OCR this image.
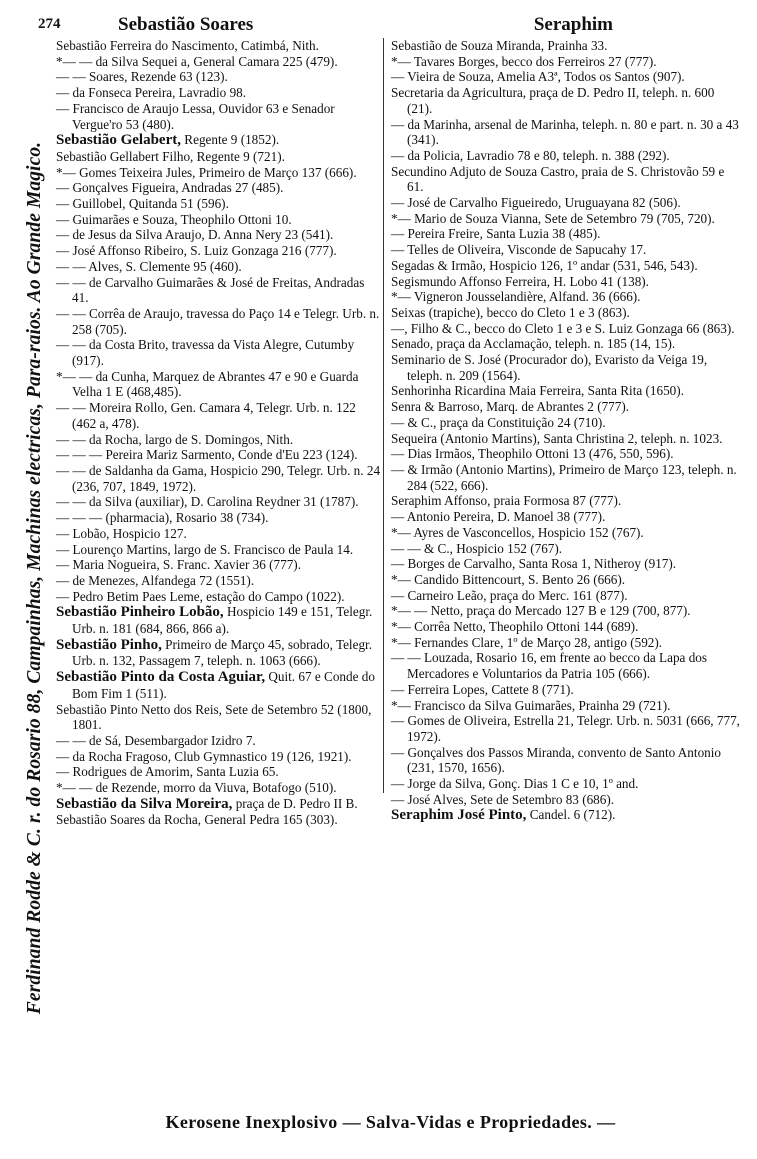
274	Sebastião Soares	Seraphim
Ferdinand Rodde & C. r. do Rosario 88, Campainhas, Machinas electricas, Para-raios. Ao Grande Magico.
Sebastião Ferreira do Nascimento, Catimbá, Nith.
*— — da Silva Sequei a, General Camara 225 (479).
— — Soares, Rezende 63 (123).
— da Fonseca Pereira, Lavradio 98.
— Francisco de Araujo Lessa, Ouvidor 63 e Senador Vergue'ro 53 (480).
Sebastião Gelabert, Regente 9 (1852).
Sebastião Gellabert Filho, Regente 9 (721).
*— Gomes Teixeira Jules, Primeiro de Março 137 (666).
— Gonçalves Figueira, Andradas 27 (485).
— Guillobel, Quitanda 51 (596).
— Guimarães e Souza, Theophilo Ottoni 10.
— de Jesus da Silva Araujo, D. Anna Nery 23 (541).
— José Affonso Ribeiro, S. Luiz Gonzaga 216 (777).
— — Alves, S. Clemente 95 (460).
— — de Carvalho Guimarães & José de Freitas, Andradas 41.
— — Corrêa de Araujo, travessa do Paço 14 e Telegr. Urb. n. 258 (705).
— — da Costa Brito, travessa da Vista Alegre, Cutumby (917).
*— — da Cunha, Marquez de Abrantes 47 e 90 e Guarda Velha 1 E (468,485).
— — Moreira Rollo, Gen. Camara 4, Telegr. Urb. n. 122 (462 a, 478).
— — da Rocha, largo de S. Domingos, Nith.
— — — Pereira Mariz Sarmento, Conde d'Eu 223 (124).
— — de Saldanha da Gama, Hospicio 290, Telegr. Urb. n. 24 (236, 707, 1849, 1972).
— — da Silva (auxiliar), D. Carolina Reydner 31 (1787).
— — — (pharmacia), Rosario 38 (734).
— Lobão, Hospicio 127.
— Lourenço Martins, largo de S. Francisco de Paula 14.
— Maria Nogueira, S. Franc. Xavier 36 (777).
— de Menezes, Alfandega 72 (1551).
— Pedro Betim Paes Leme, estação do Campo (1022).
Sebastião Pinheiro Lobão, Hospicio 149 e 151, Telegr. Urb. n. 181 (684, 866, 866 a).
Sebastião Pinho, Primeiro de Março 45, sobrado, Telegr. Urb. n. 132, Passagem 7, teleph. n. 1063 (666).
Sebastião Pinto da Costa Aguiar, Quit. 67 e Conde do Bom Fim 1 (511).
Sebastião Pinto Netto dos Reis, Sete de Setembro 52 (1800, 1801.
— — de Sá, Desembargador Izidro 7.
— da Rocha Fragoso, Club Gymnastico 19 (126, 1921).
— Rodrigues de Amorim, Santa Luzia 65.
*— — de Rezende, morro da Viuva, Botafogo (510).
Sebastião da Silva Moreira, praça de D. Pedro II B.
Sebastião Soares da Rocha, General Pedra 165 (303).
Sebastião de Souza Miranda, Prainha 33.
*— Tavares Borges, becco dos Ferreiros 27 (777).
— Vieira de Souza, Amelia A3ª, Todos os Santos (907).
Secretaria da Agricultura, praça de D. Pedro II, teleph. n. 600 (21).
— da Marinha, arsenal de Marinha, teleph. n. 80 e part. n. 30 a 43 (341).
— da Policia, Lavradio 78 e 80, teleph. n. 388 (292).
Secundino Adjuto de Souza Castro, praia de S. Christovão 59 e 61.
— José de Carvalho Figueiredo, Uruguayana 82 (506).
*— Mario de Souza Vianna, Sete de Setembro 79 (705, 720).
— Pereira Freire, Santa Luzia 38 (485).
— Telles de Oliveira, Visconde de Sapucahy 17.
Segadas & Irmão, Hospicio 126, 1º andar (531, 546, 543).
Segismundo Affonso Ferreira, H. Lobo 41 (138).
*— Vigneron Jousselandière, Alfand. 36 (666).
Seixas (trapiche), becco do Cleto 1 e 3 (863).
—, Filho & C., becco do Cleto 1 e 3 e S. Luiz Gonzaga 66 (863).
Senado, praça da Acclamação, teleph. n. 185 (14, 15).
Seminario de S. José (Procurador do), Evaristo da Veiga 19, teleph. n. 209 (1564).
Senhorinha Ricardina Maia Ferreira, Santa Rita (1650).
Senra & Barroso, Marq. de Abrantes 2 (777).
— & C., praça da Constituição 24 (710).
Sequeira (Antonio Martins), Santa Christina 2, teleph. n. 1023.
— Dias Irmãos, Theophilo Ottoni 13 (476, 550, 596).
— & Irmão (Antonio Martins), Primeiro de Março 123, teleph. n. 284 (522, 666).
Seraphim Affonso, praia Formosa 87 (777).
— Antonio Pereira, D. Manoel 38 (777).
*— Ayres de Vasconcellos, Hospicio 152 (767).
— — & C., Hospicio 152 (767).
— Borges de Carvalho, Santa Rosa 1, Nitheroy (917).
*— Candido Bittencourt, S. Bento 26 (666).
— Carneiro Leão, praça do Merc. 161 (877).
*— — Netto, praça do Mercado 127 B e 129 (700, 877).
*— Corrêa Netto, Theophilo Ottoni 144 (689).
*— Fernandes Clare, 1º de Março 28, antigo (592).
— — Louzada, Rosario 16, em frente ao becco da Lapa dos Mercadores e Voluntarios da Patria 105 (666).
— Ferreira Lopes, Cattete 8 (771).
*— Francisco da Silva Guimarães, Prainha 29 (721).
— Gomes de Oliveira, Estrella 21, Telegr. Urb. n. 5031 (666, 777, 1972).
— Gonçalves dos Passos Miranda, convento de Santo Antonio (231, 1570, 1656).
— Jorge da Silva, Gonç. Dias 1 C e 10, 1º and.
— José Alves, Sete de Setembro 83 (686).
Seraphim José Pinto, Candel. 6 (712).
Kerosene Inexplosivo — Salva-Vidas e Propriedades. —
